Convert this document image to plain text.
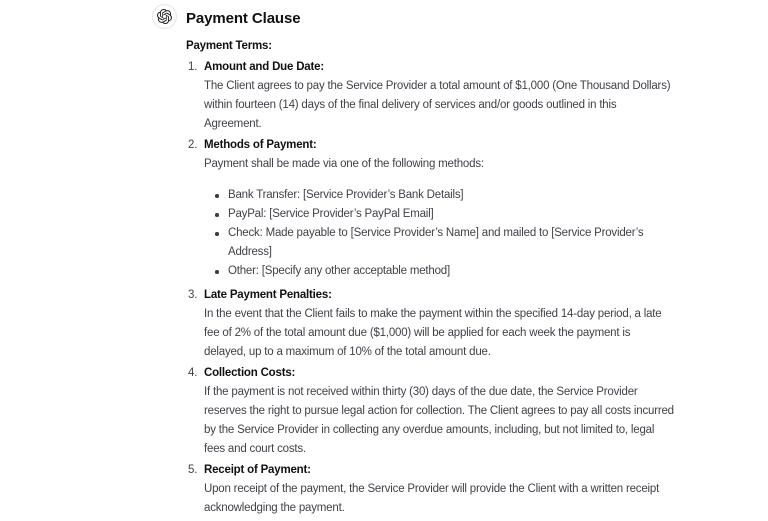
Payment Clause

Payment Terms:

1. Amount and Due Date:
The Client agrees to pay the Service Provider a total amount of $1,000 (One Thousand Dollars)
within fourteen (14) days of the final delivery of services and/or goods outlined in this
Agreement.
2. Methods of Payment:
Payment shall be made via one of the following methods:
Bank Transfer: [Service Provider’s Bank Details]
PayPal: [Service Provider’s PayPal Email]
Check: Made payable to [Service Provider’s Name] and mailed to [Service Provider’s
Address]
Other: [Specify any other acceptable method]
3. Late Payment Penalties:
In the event that the Client fails to make the payment within the specified 14-day period, a late
fee of 2% of the total amount due ($1,000) will be applied for each week the payment is
delayed, up to a maximum of 10% of the total amount due.
4. Collection Costs:
If the payment is not received within thirty (30) days of the due date, the Service Provider
reserves the right to pursue legal action for collection. The Client agrees to pay all costs incurred
by the Service Provider in collecting any overdue amounts, including, but not limited to, legal
fees and court costs.
5. Receipt of Payment:
Upon receipt of the payment, the Service Provider will provide the Client with a written receipt
acknowledging the payment.
